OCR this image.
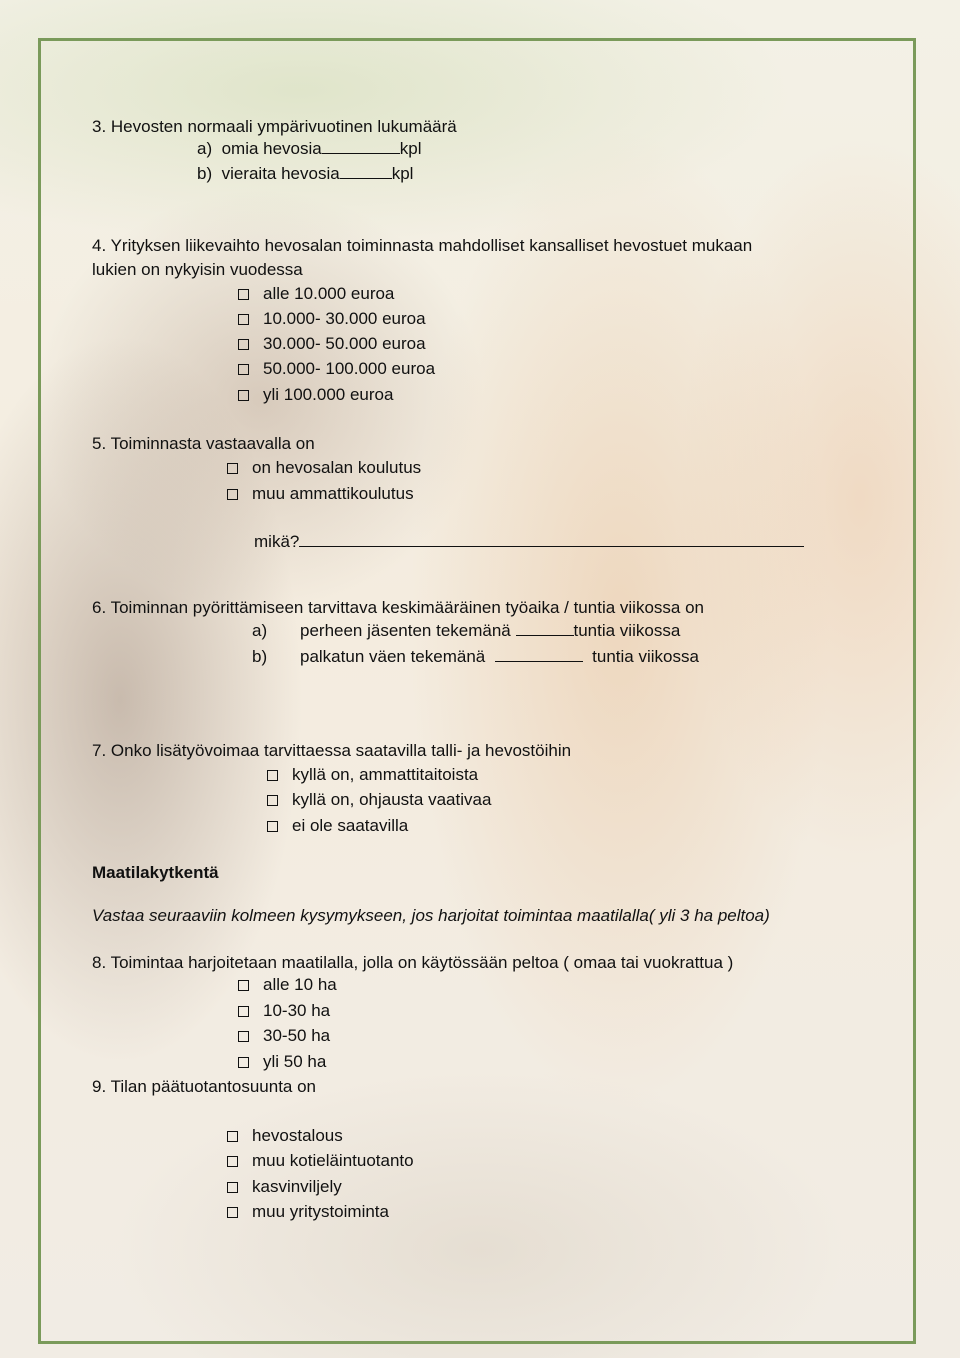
3. Hevosten normaali ympärivuotinen lukumäärä
a) omia hevosia	kpl
b) vieraita hevosia	kpl
4. Yrityksen liikevaihto hevosalan toiminnasta mahdolliset kansalliset hevostuet mukaan
lukien on nykyisin vuodessa
alle 10.000 euroa
10.000- 30.000 euroa
30.000- 50.000 euroa
50.000- 100.000 euroa
yli 100.000 euroa
5. Toiminnasta vastaavalla on
on hevosalan koulutus
muu ammattikoulutus
mikä?
6. Toiminnan pyörittämiseen tarvittava keskimääräinen työaika / tuntia viikossa on
a) perheen jäsenten tekemänä	tuntia viikossa
b) palkatun väen tekemänä	tuntia viikossa
7. Onko lisätyövoimaa tarvittaessa saatavilla talli- ja hevostöihin
kyllä on, ammattitaitoista
kyllä on, ohjausta vaativaa
ei ole saatavilla
Maatilakytkentä
Vastaa seuraaviin kolmeen kysymykseen, jos harjoitat toimintaa maatilalla( yli 3 ha peltoa)
8. Toimintaa harjoitetaan maatilalla, jolla on käytössään peltoa ( omaa tai vuokrattua )
alle 10 ha
10-30 ha
30-50 ha
yli 50 ha
9. Tilan päätuotantosuunta on
hevostalous
muu kotieläintuotanto
kasvinviljely
muu yritystoiminta
